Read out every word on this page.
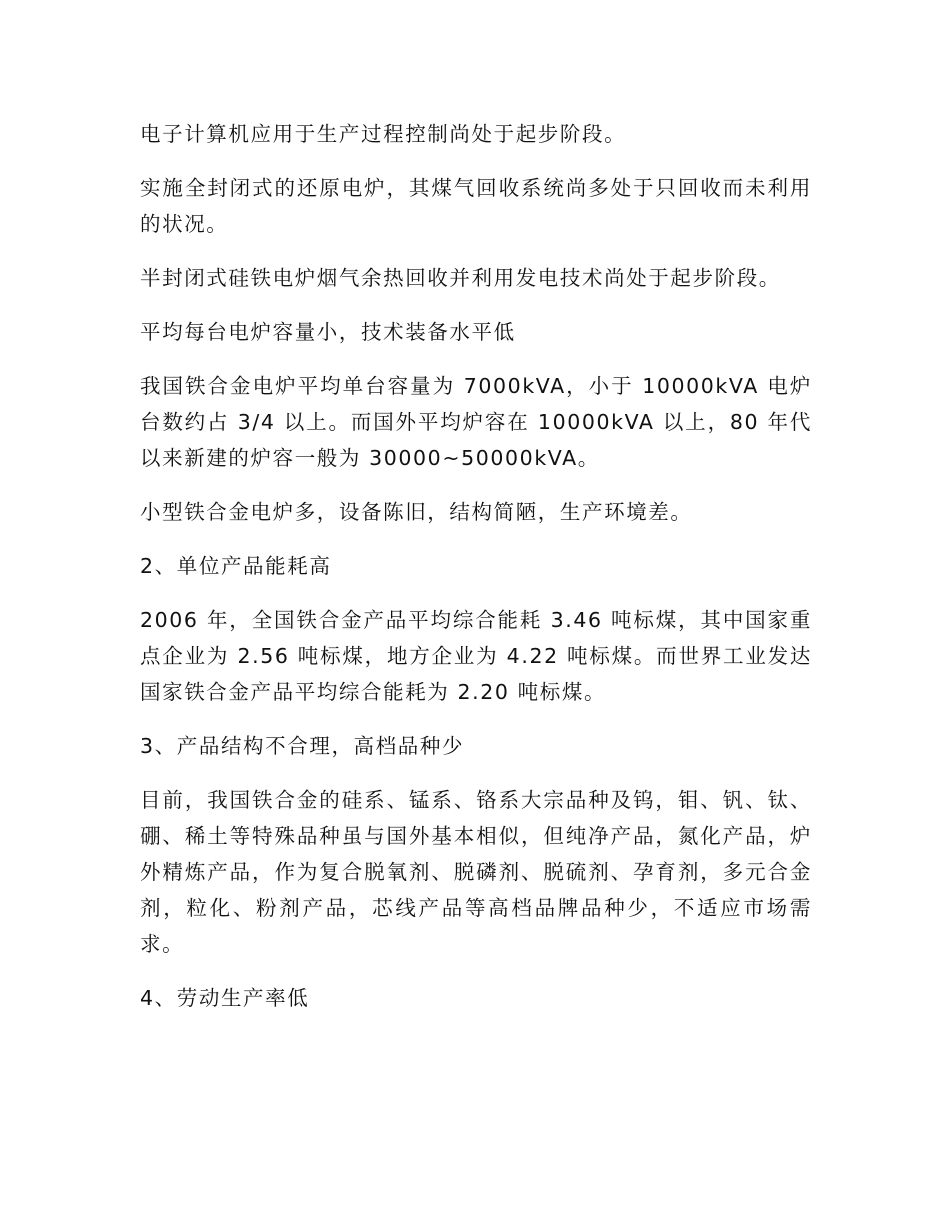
电子计算机应用于生产过程控制尚处于起步阶段。

实施全封闭式的还原电炉，其煤气回收系统尚多处于只回收而未利用的状况。

半封闭式硅铁电炉烟气余热回收并利用发电技术尚处于起步阶段。

平均每台电炉容量小，技术装备水平低

我国铁合金电炉平均单台容量为 7000kVA，小于 10000kVA 电炉台数约占 3/4 以上。而国外平均炉容在 10000kVA 以上，80 年代以来新建的炉容一般为 30000~50000kVA。

小型铁合金电炉多，设备陈旧，结构简陋，生产环境差。

2、单位产品能耗高

2006 年，全国铁合金产品平均综合能耗 3.46 吨标煤，其中国家重点企业为 2.56 吨标煤，地方企业为 4.22 吨标煤。而世界工业发达国家铁合金产品平均综合能耗为 2.20 吨标煤。

3、产品结构不合理，高档品种少

目前，我国铁合金的硅系、锰系、铬系大宗品种及钨，钼、钒、钛、硼、稀土等特殊品种虽与国外基本相似，但纯净产品，氮化产品，炉外精炼产品，作为复合脱氧剂、脱磷剂、脱硫剂、孕育剂，多元合金剂，粒化、粉剂产品，芯线产品等高档品牌品种少，不适应市场需求。

4、劳动生产率低
